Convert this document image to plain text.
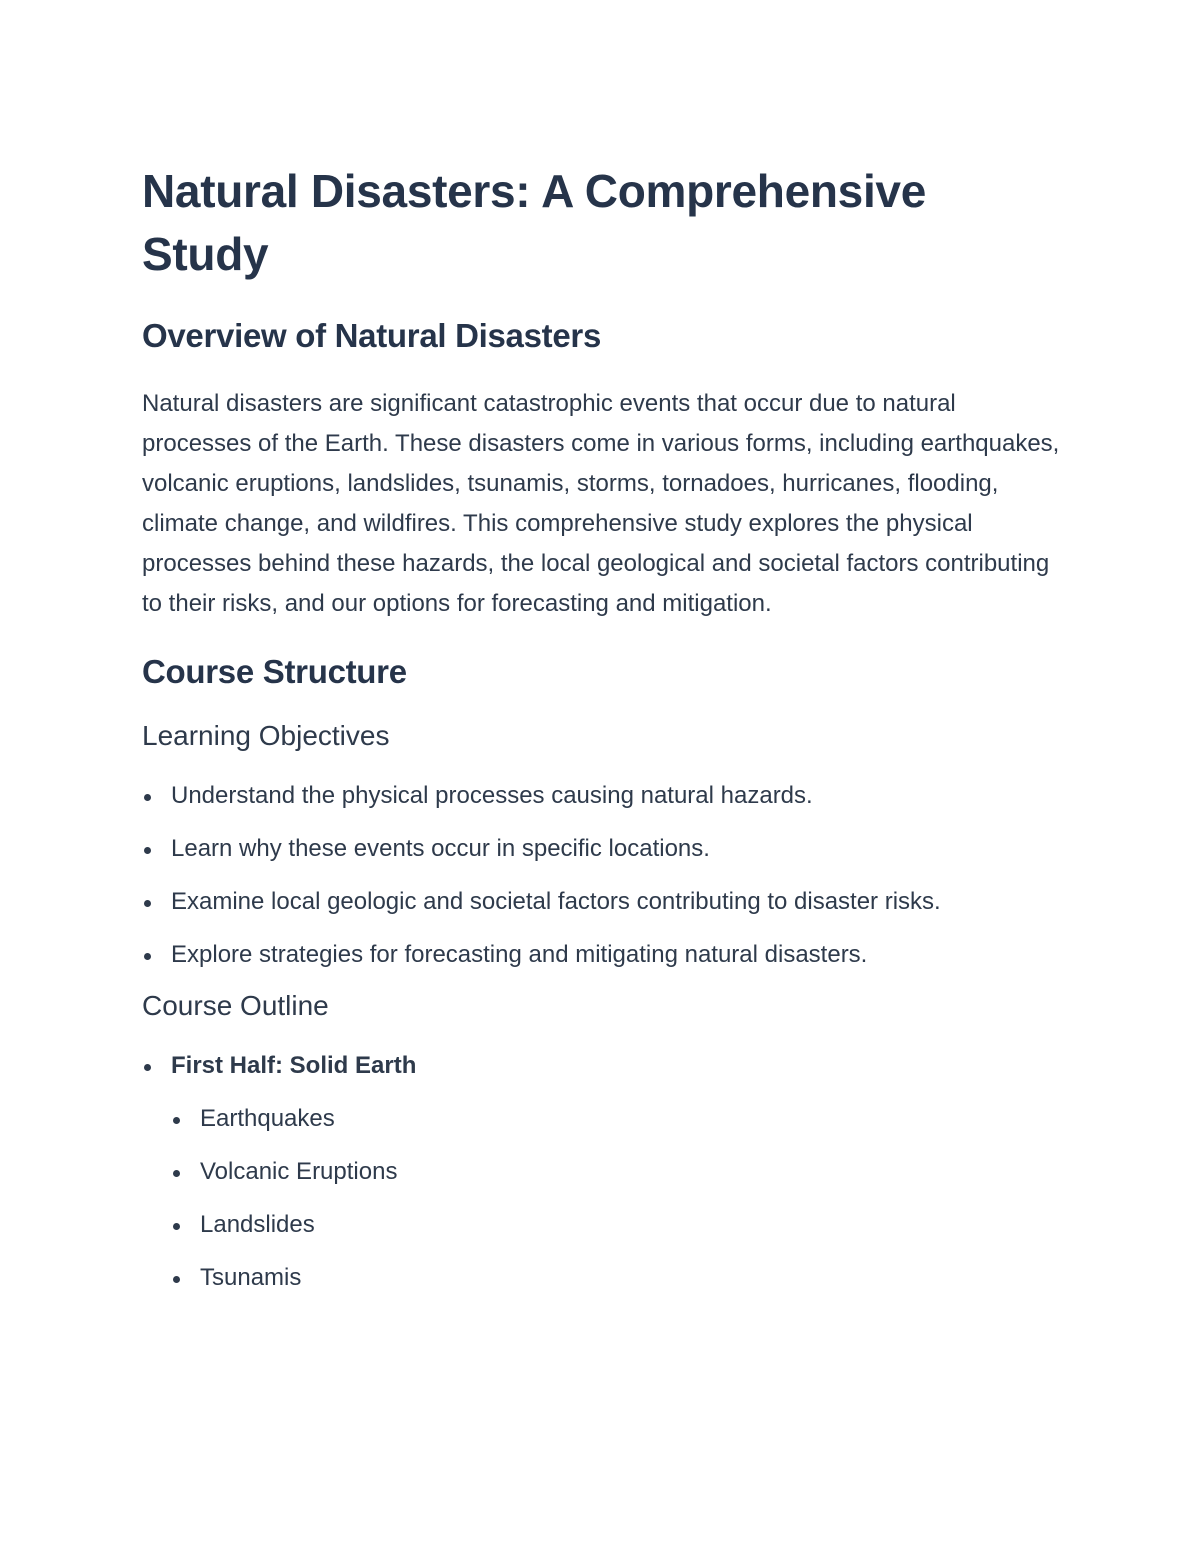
Natural Disasters: A Comprehensive Study
Overview of Natural Disasters

Natural disasters are significant catastrophic events that occur due to natural processes of the Earth. These disasters come in various forms, including earthquakes, volcanic eruptions, landslides, tsunamis, storms, tornadoes, hurricanes, flooding, climate change, and wildfires. This comprehensive study explores the physical processes behind these hazards, the local geological and societal factors contributing to their risks, and our options for forecasting and mitigation.

Course Structure
Learning Objectives
Understand the physical processes causing natural hazards.
Learn why these events occur in specific locations.
Examine local geologic and societal factors contributing to disaster risks.
Explore strategies for forecasting and mitigating natural disasters.
Course Outline
First Half: Solid Earth
Earthquakes
Volcanic Eruptions
Landslides
Tsunamis
